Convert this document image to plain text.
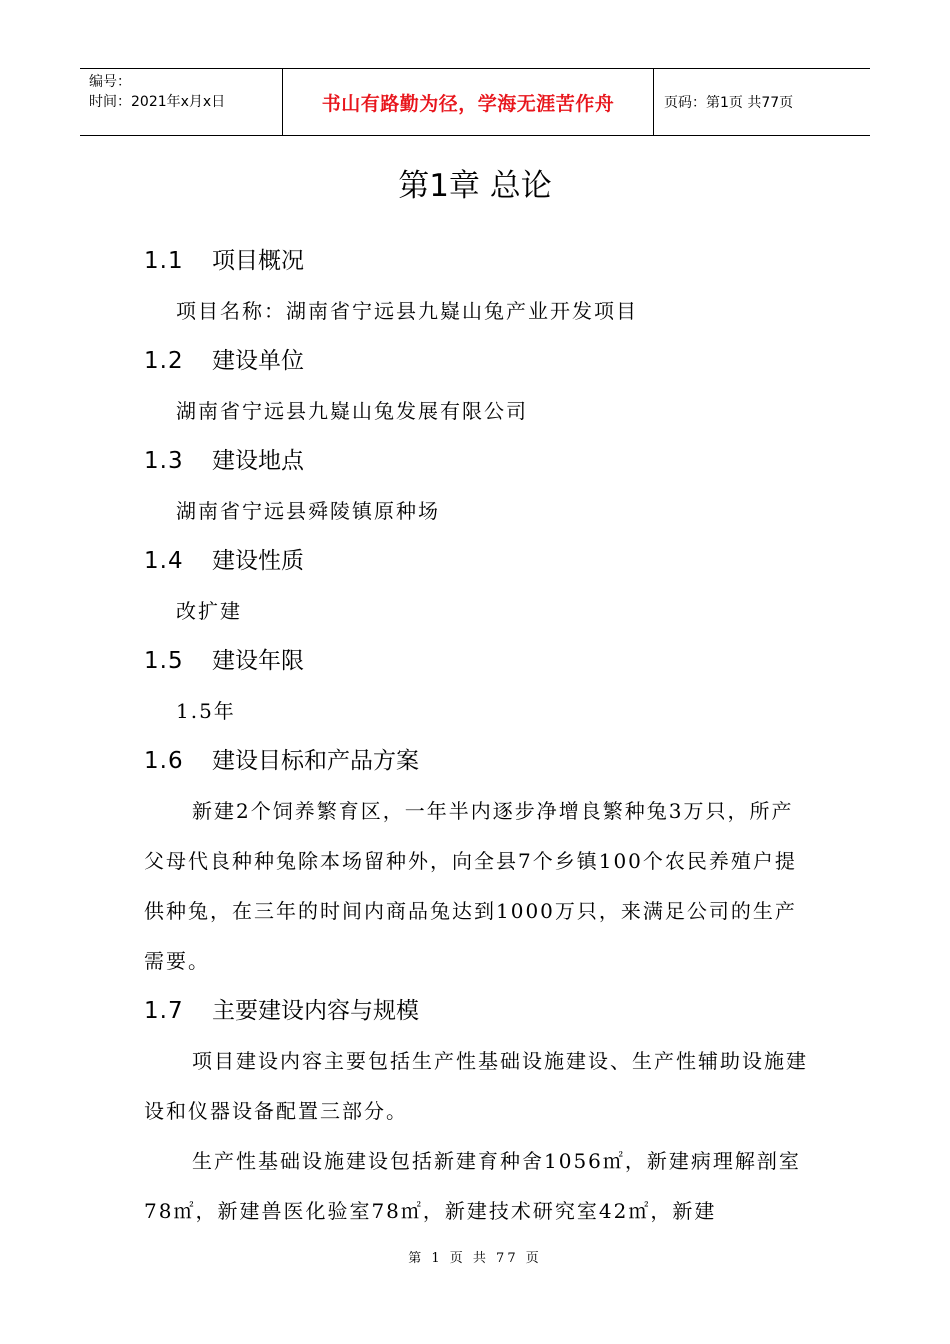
编号：
时间：2021年x月x日	书山有路勤为径，学海无涯苦作舟	页码：第1页 共77页
第1章 总论
1.1 项目概况

项目名称：湖南省宁远县九嶷山兔产业开发项目

1.2 建设单位

湖南省宁远县九嶷山兔发展有限公司

1.3 建设地点

湖南省宁远县舜陵镇原种场

1.4 建设性质

改扩建

1.5 建设年限

1.5年

1.6 建设目标和产品方案

新建2个饲养繁育区，一年半内逐步净增良繁种兔3万只，所产父母代良种种兔除本场留种外，向全县7个乡镇100个农民养殖户提供种兔，在三年的时间内商品兔达到1000万只，来满足公司的生产需要。

1.7 主要建设内容与规模

项目建设内容主要包括生产性基础设施建设、生产性辅助设施建设和仪器设备配置三部分。

生产性基础设施建设包括新建育种舍1056㎡，新建病理解剖室78㎡，新建兽医化验室78㎡，新建技术研究室42㎡，新建

第 1 页 共 77 页
